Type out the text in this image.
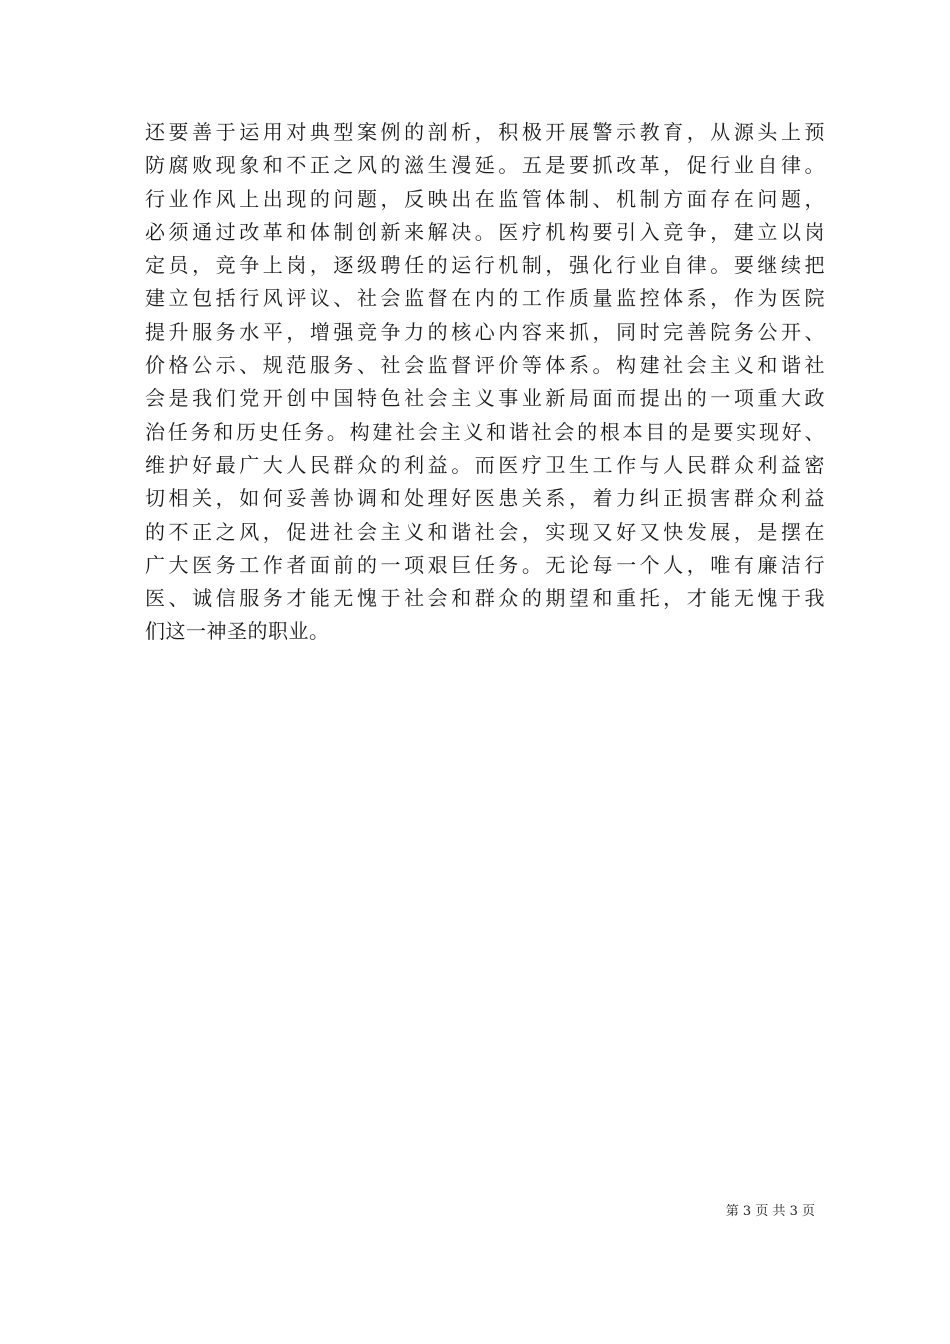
还要善于运用对典型案例的剖析，积极开展警示教育，从源头上预
防腐败现象和不正之风的滋生漫延。五是要抓改革，促行业自律。
行业作风上出现的问题，反映出在监管体制、机制方面存在问题，
必须通过改革和体制创新来解决。医疗机构要引入竞争，建立以岗
定员，竞争上岗，逐级聘任的运行机制，强化行业自律。要继续把
建立包括行风评议、社会监督在内的工作质量监控体系，作为医院
提升服务水平，增强竞争力的核心内容来抓，同时完善院务公开、
价格公示、规范服务、社会监督评价等体系。构建社会主义和谐社
会是我们党开创中国特色社会主义事业新局面而提出的一项重大政
治任务和历史任务。构建社会主义和谐社会的根本目的是要实现好、
维护好最广大人民群众的利益。而医疗卫生工作与人民群众利益密
切相关，如何妥善协调和处理好医患关系，着力纠正损害群众利益
的不正之风，促进社会主义和谐社会，实现又好又快发展，是摆在
广大医务工作者面前的一项艰巨任务。无论每一个人，唯有廉洁行
医、诚信服务才能无愧于社会和群众的期望和重托，才能无愧于我
们这一神圣的职业。
第 3 页 共 3 页
